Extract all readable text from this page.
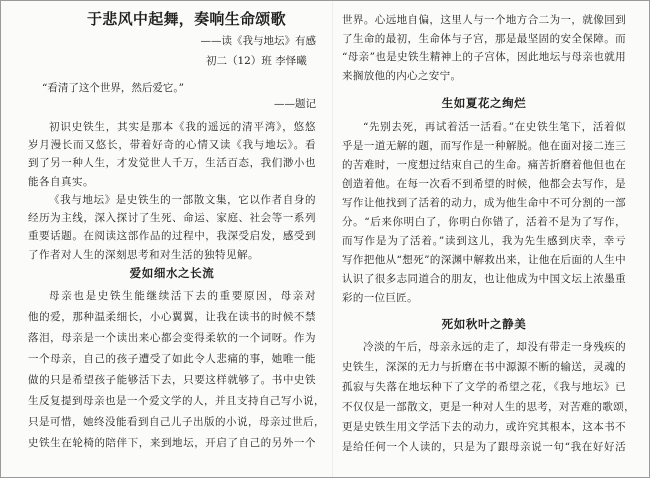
于悲风中起舞，奏响生命颂歌
——读《我与地坛》有感
初二（12）班 李怿曦
“看清了这个世界，然后爱它。”
——题记
初识史铁生，其实是那本《我的遥远的清平湾》，悠悠
岁月漫长而又悠长，带着好奇的心情又读《我与地坛》。看
到了另一种人生，才发觉世人千万，生活百态，我们渺小也
能各自真实。
《我与地坛》是史铁生的一部散文集，它以作者自身的
经历为主线，深入探讨了生死、命运、家庭、社会等一系列
重要话题。在阅读这部作品的过程中，我深受启发，感受到
了作者对人生的深刻思考和对生活的独特见解。
爱如细水之长流
母亲也是史铁生能继续活下去的重要原因，母亲对
他的爱，那种温柔细长，小心翼翼，让我在读书的时候不禁
落泪，母亲是一个读出来心都会变得柔软的一个词呀。作为
一个母亲，自己的孩子遭受了如此令人悲痛的事，她唯一能
做的只是希望孩子能够活下去，只要这样就够了。书中史铁
生反复提到母亲也是一个爱文学的人，并且支持自己写小说，
只是可惜，她终没能看到自己儿子出版的小说，母亲过世后，
史铁生在轮椅的陪伴下，来到地坛，开启了自己的另外一个
世界。心远地自偏，这里人与一个地方合二为一，就像回到
了生命的最初，生命体与子宫，那是最坚固的安全保障。而
“母亲”也是史铁生精神上的子宫体，因此地坛与母亲也就用
来搁放他的内心之安宁。
生如夏花之绚烂
“先别去死，再试着活一活看。”在史铁生笔下，活着似
乎是一道无解的题，而写作是一种解脱。他在面对接二连三
的苦难时，一度想过结束自己的生命。痛苦折磨着他但也在
创造着他。在每一次看不到希望的时候，他都会去写作，是
写作让他找到了活着的动力，成为他生命中不可分割的一部
分。“后来你明白了，你明白你错了，活着不是为了写作，
而写作是为了活着。”读到这儿，我为先生感到庆幸，幸亏
写作把他从“想死”的深渊中解救出来，让他在后面的人生中
认识了很多志同道合的朋友，也让他成为中国文坛上浓墨重
彩的一位巨匠。
死如秋叶之静美
冷淡的午后，母亲永远的走了，却没有带走一身残疾的
史铁生，深深的无力与折磨在书中源源不断的输送，灵魂的
孤寂与失落在地坛种下了文学的希望之花，《我与地坛》已
不仅仅是一部散文，更是一种对人生的思考，对苦难的歌颂，
更是史铁生用文学活下去的动力，或许究其根本，这本书不
是给任何一个人读的，只是为了跟母亲说一句“我在好好活
